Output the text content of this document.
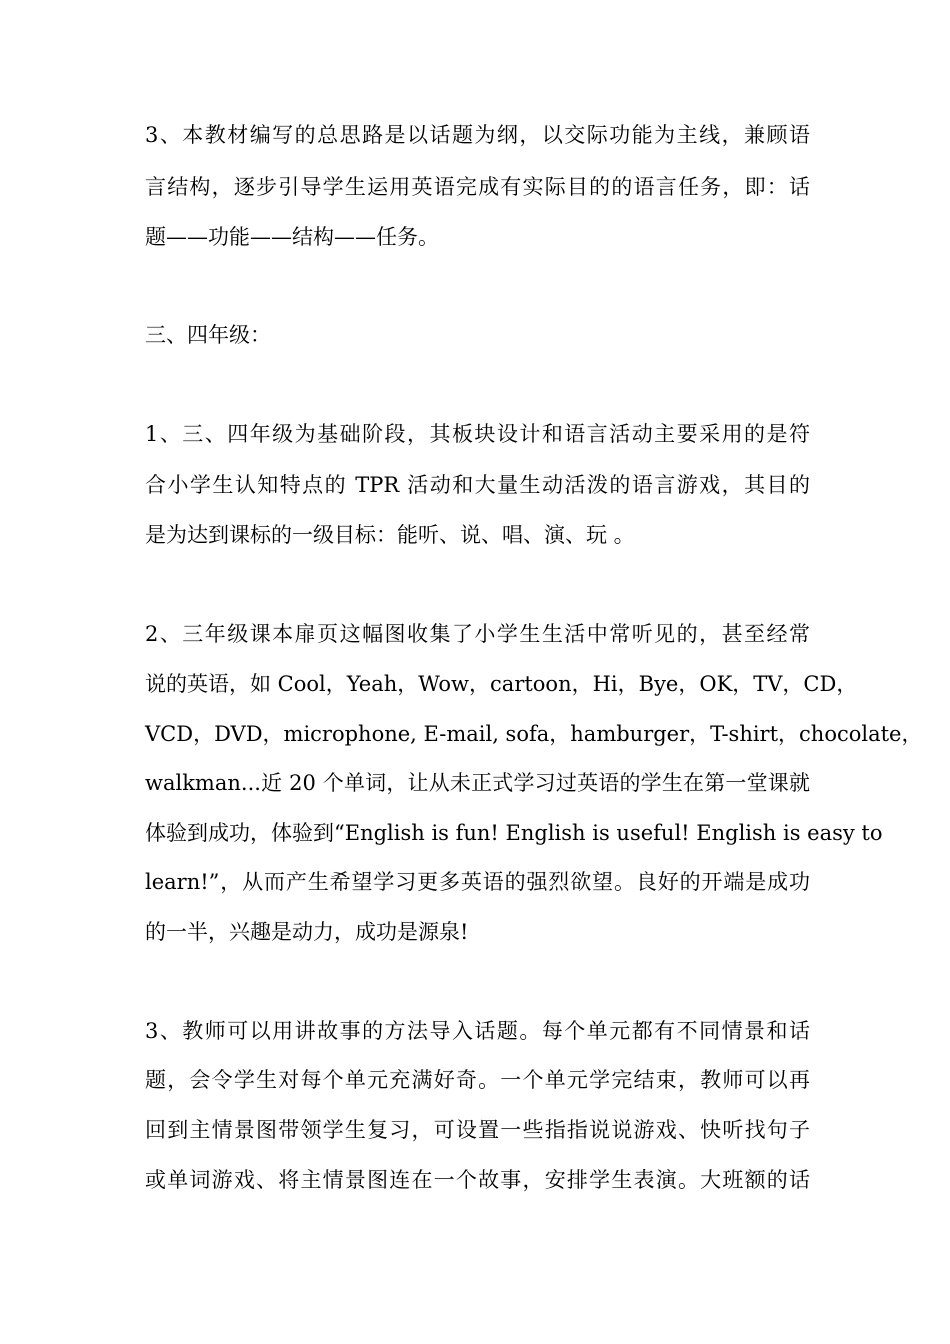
3、本教材编写的总思路是以话题为纲，以交际功能为主线，兼顾语

言结构，逐步引导学生运用英语完成有实际目的的语言任务，即：话

题——功能——结构——任务。

三、四年级：

1、三、四年级为基础阶段，其板块设计和语言活动主要采用的是符

合小学生认知特点的 TPR 活动和大量生动活泼的语言游戏，其目的

是为达到课标的一级目标：能听、说、唱、演、玩 。

2、三年级课本扉页这幅图收集了小学生生活中常听见的，甚至经常

说的英语，如 Cool，Yeah，Wow，cartoon，Hi，Bye，OK，TV，CD，

VCD，DVD，microphone, E-mail, sofa，hamburger，T-shirt，chocolate，

walkman...近 20 个单词，让从未正式学习过英语的学生在第一堂课就

体验到成功，体验到“English is fun! English is useful! English is easy to

learn!”，从而产生希望学习更多英语的强烈欲望。良好的开端是成功

的一半，兴趣是动力，成功是源泉!

3、教师可以用讲故事的方法导入话题。每个单元都有不同情景和话

题，会令学生对每个单元充满好奇。一个单元学完结束，教师可以再

回到主情景图带领学生复习，可设置一些指指说说游戏、快听找句子

或单词游戏、将主情景图连在一个故事，安排学生表演。大班额的话
